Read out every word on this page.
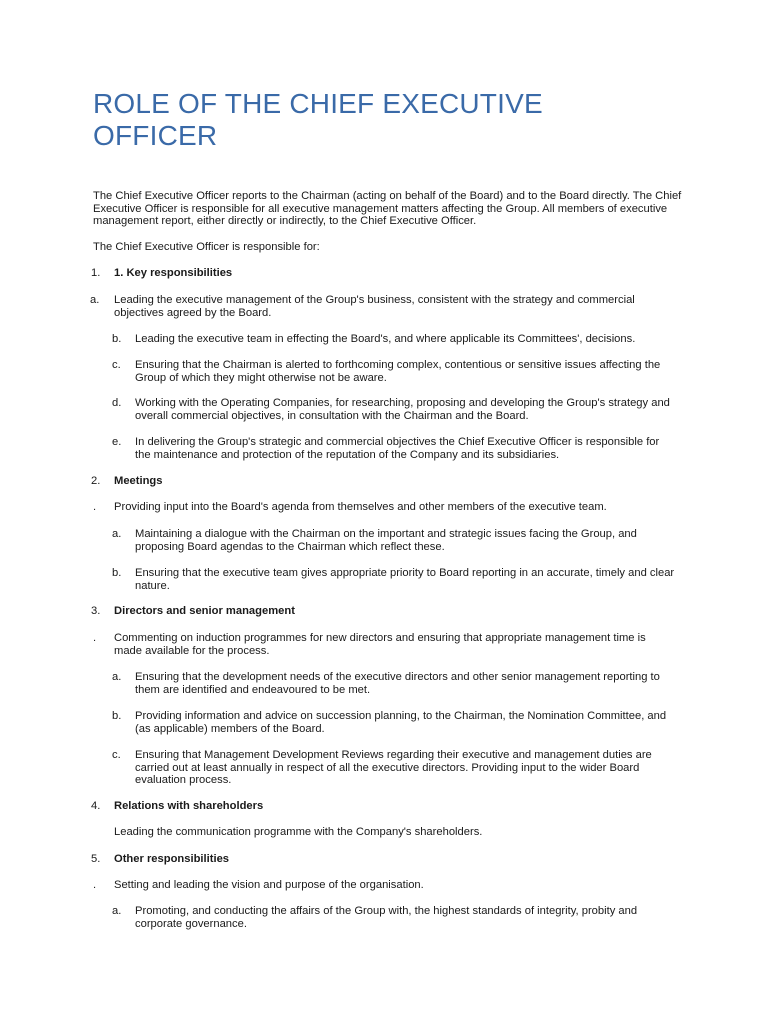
ROLE OF THE CHIEF EXECUTIVE OFFICER
The Chief Executive Officer reports to the Chairman (acting on behalf of the Board) and to the Board directly. The Chief Executive Officer is responsible for all executive management matters affecting the Group. All members of executive management report, either directly or indirectly, to the Chief Executive Officer.
The Chief Executive Officer is responsible for:
1. 1. Key responsibilities
a. Leading the executive management of the Group's business, consistent with the strategy and commercial objectives agreed by the Board.
b. Leading the executive team in effecting the Board's, and where applicable its Committees', decisions.
c. Ensuring that the Chairman is alerted to forthcoming complex, contentious or sensitive issues affecting the Group of which they might otherwise not be aware.
d. Working with the Operating Companies, for researching, proposing and developing the Group's strategy and overall commercial objectives, in consultation with the Chairman and the Board.
e. In delivering the Group's strategic and commercial objectives the Chief Executive Officer is responsible for the maintenance and protection of the reputation of the Company and its subsidiaries.
2. Meetings
. Providing input into the Board's agenda from themselves and other members of the executive team.
a. Maintaining a dialogue with the Chairman on the important and strategic issues facing the Group, and proposing Board agendas to the Chairman which reflect these.
b. Ensuring that the executive team gives appropriate priority to Board reporting in an accurate, timely and clear nature.
3. Directors and senior management
. Commenting on induction programmes for new directors and ensuring that appropriate management time is made available for the process.
a. Ensuring that the development needs of the executive directors and other senior management reporting to them are identified and endeavoured to be met.
b. Providing information and advice on succession planning, to the Chairman, the Nomination Committee, and (as applicable) members of the Board.
c. Ensuring that Management Development Reviews regarding their executive and management duties are carried out at least annually in respect of all the executive directors. Providing input to the wider Board evaluation process.
4. Relations with shareholders
Leading the communication programme with the Company's shareholders.
5. Other responsibilities
. Setting and leading the vision and purpose of the organisation.
a. Promoting, and conducting the affairs of the Group with, the highest standards of integrity, probity and corporate governance.
